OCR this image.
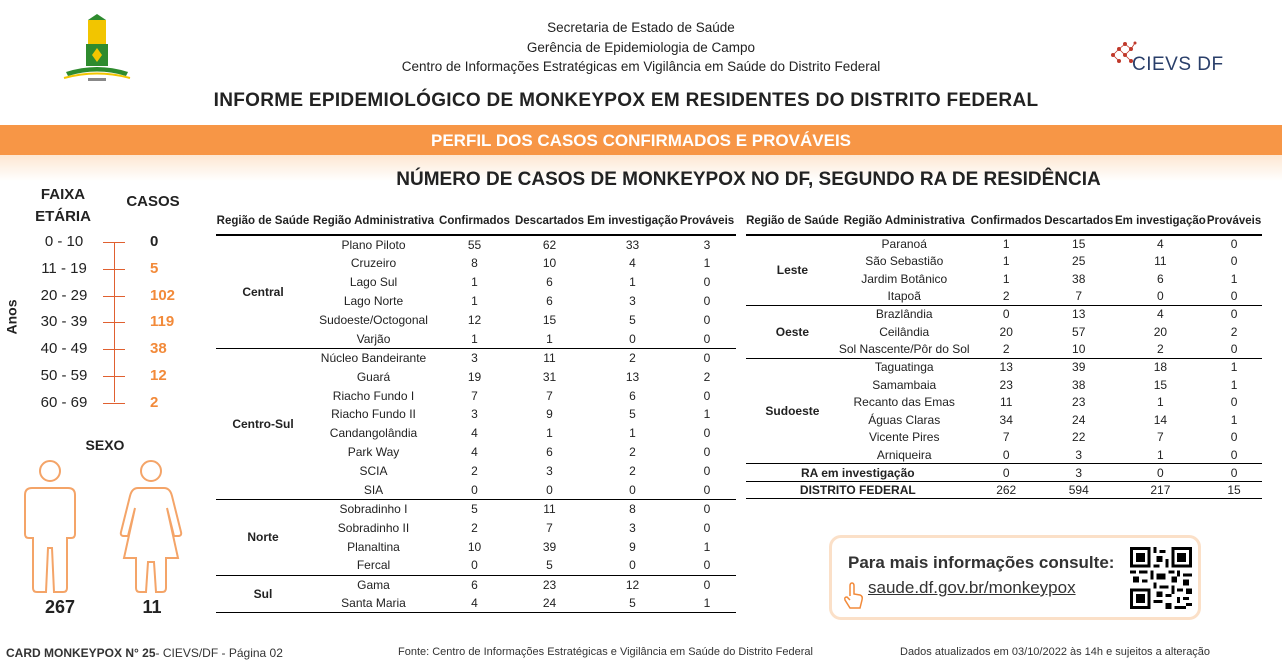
Secretaria de Estado de Saúde
Gerência de Epidemiologia de Campo
Centro de Informações Estratégicas em Vigilância em Saúde do Distrito Federal	CIEVS DF
INFORME EPIDEMIOLÓGICO DE MONKEYPOX EM RESIDENTES DO DISTRITO FEDERAL
PERFIL DOS CASOS CONFIRMADOS E PROVÁVEIS
FAIXA
ETÁRIA
CASOS
Anos
0 - 10	0
11 - 19	5
20 - 29	102
30 - 39	119
40 - 49	38
50 - 59	12
60 - 69	2
SEXO
267	11
NÚMERO DE CASOS DE MONKEYPOX NO DF, SEGUNDO RA DE RESIDÊNCIA
Região de Saúde	Região Administrativa	Confirmados	Descartados	Em investigação	Prováveis
Central	Plano Piloto	55	62	33	3
	Cruzeiro	8	10	4	1
	Lago Sul	1	6	1	0
	Lago Norte	1	6	3	0
	Sudoeste/Octogonal	12	15	5	0
	Varjão	1	1	0	0
Centro-Sul	Núcleo Bandeirante	3	11	2	0
	Guará	19	31	13	2
	Riacho Fundo I	7	7	6	0
	Riacho Fundo II	3	9	5	1
	Candangolândia	4	1	1	0
	Park Way	4	6	2	0
	SCIA	2	3	2	0
	SIA	0	0	0	0
Norte	Sobradinho I	5	11	8	0
	Sobradinho II	2	7	3	0
	Planaltina	10	39	9	1
	Fercal	0	5	0	0
Sul	Gama	6	23	12	0
	Santa Maria	4	24	5	1
Região de Saúde	Região Administrativa	Confirmados	Descartados	Em investigação	Prováveis
Leste	Paranoá	1	15	4	0
	São Sebastião	1	25	11	0
	Jardim Botânico	1	38	6	1
	Itapoã	2	7	0	0
Oeste	Brazlândia	0	13	4	0
	Ceilândia	20	57	20	2
	Sol Nascente/Pôr do Sol	2	10	2	0
Sudoeste	Taguatinga	13	39	18	1
	Samambaia	23	38	15	1
	Recanto das Emas	11	23	1	0
	Águas Claras	34	24	14	1
	Vicente Pires	7	22	7	0
	Arniqueira	0	3	1	0
RA em investigação		0	3	0	0
DISTRITO FEDERAL		262	594	217	15
Para mais informações consulte:
saude.df.gov.br/monkeypox
CARD MONKEYPOX N° 25- CIEVS/DF - Página 02	Fonte: Centro de Informações Estratégicas e Vigilância em Saúde do Distrito Federal	Dados atualizados em 03/10/2022 às 14h e sujeitos a alteração
